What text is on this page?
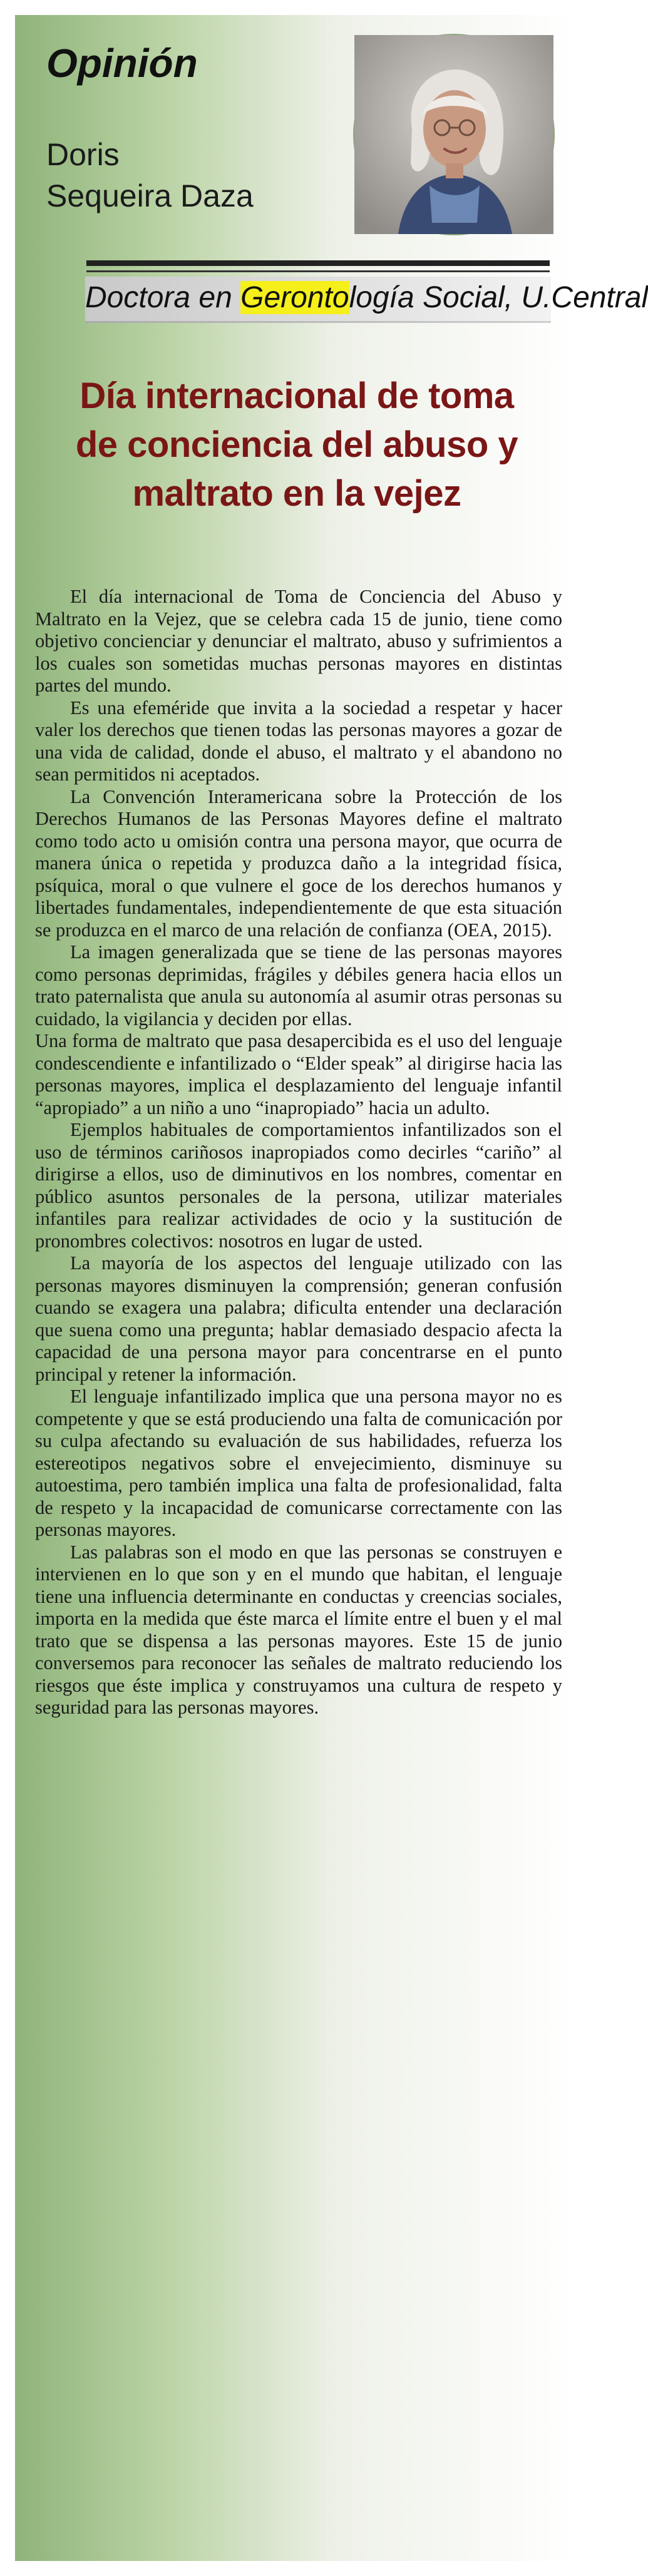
Opinión
Doris
Sequeira Daza
Doctora en Gerontología Social, U.Central
Día internacional de toma
de conciencia del abuso y
maltrato en la vejez

El día internacional de Toma de Conciencia del Abuso y Maltrato en la Vejez, que se celebra cada 15 de junio, tiene como objetivo concienciar y denunciar el maltrato, abuso y sufrimientos a los cuales son sometidas muchas personas mayores en distintas partes del mundo.

Es una efeméride que invita a la sociedad a respetar y hacer valer los derechos que tienen todas las personas mayores a gozar de una vida de calidad, donde el abuso, el maltrato y el abandono no sean permitidos ni aceptados.

La Convención Interamericana sobre la Protección de los Derechos Humanos de las Personas Mayores define el maltrato como todo acto u omisión contra una persona mayor, que ocurra de manera única o repetida y produzca daño a la integridad física, psíquica, moral o que vulnere el goce de los derechos humanos y libertades fundamentales, independientemente de que esta situación se produzca en el marco de una relación de confianza (OEA, 2015).

La imagen generalizada que se tiene de las personas mayores como personas deprimidas, frágiles y débiles genera hacia ellos un trato paternalista que anula su autonomía al asumir otras personas su cuidado, la vigilancia y deciden por ellas.

Una forma de maltrato que pasa desapercibida es el uso del lenguaje condescendiente e infantilizado o “Elder speak” al dirigirse hacia las personas mayores, implica el desplazamiento del lenguaje infantil “apropiado” a un niño a uno “inapropiado” hacia un adulto.

Ejemplos habituales de comportamientos infantilizados son el uso de términos cariñosos inapropiados como decirles “cariño” al dirigirse a ellos, uso de diminutivos en los nombres, comentar en público asuntos personales de la persona, utilizar materiales infantiles para realizar actividades de ocio y la sustitución de pronombres colectivos: nosotros en lugar de usted.

La mayoría de los aspectos del lenguaje utilizado con las personas mayores disminuyen la comprensión; generan confusión cuando se exagera una palabra; dificulta entender una declaración que suena como una pregunta; hablar demasiado despacio afecta la capacidad de una persona mayor para concentrarse en el punto principal y retener la información.

El lenguaje infantilizado implica que una persona mayor no es competente y que se está produciendo una falta de comunicación por su culpa afectando su evaluación de sus habilidades, refuerza los estereotipos negativos sobre el envejecimiento, disminuye su autoestima, pero también implica una falta de profesionalidad, falta de respeto y la incapacidad de comunicarse correctamente con las personas mayores.

Las palabras son el modo en que las personas se construyen e intervienen en lo que son y en el mundo que habitan, el lenguaje tiene una influencia determinante en conductas y creencias sociales, importa en la medida que éste marca el límite entre el buen y el mal trato que se dispensa a las personas mayores. Este 15 de junio conversemos para reconocer las señales de maltrato reduciendo los riesgos que éste implica y construyamos una cultura de respeto y seguridad para las personas mayores.
